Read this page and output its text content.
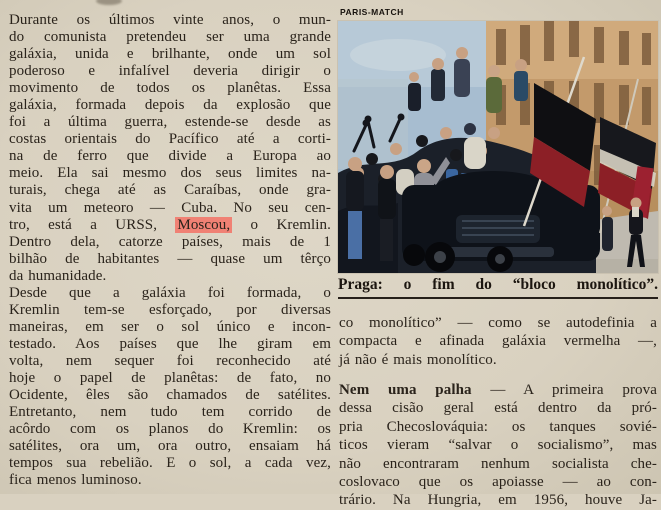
Durante os últimos vinte anos, o mun-
do comunista pretendeu ser uma grande
galáxia, unida e brilhante, onde um sol
poderoso e infalível deveria dirigir o
movimento de todos os planêtas. Essa
galáxia, formada depois da explosão que
foi a última guerra, estende-se desde as
costas orientais do Pacífico até a corti-
na de ferro que divide a Europa ao
meio. Ela sai mesmo dos seus limites na-
turais, chega até as Caraíbas, onde gra-
vita um meteoro — Cuba. No seu cen-
tro, está a URSS, Moscou, o Kremlin.
Dentro dela, catorze países, mais de 1
bilhão de habitantes — quase um têrço
da humanidade.
Desde que a galáxia foi formada, o
Kremlin tem-se esforçado, por diversas
maneiras, em ser o sol único e incon-
testado. Aos países que lhe giram em
volta, nem sequer foi reconhecido até
hoje o papel de planêtas: de fato, no
Ocidente, êles são chamados de satélites.
Entretanto, nem tudo tem corrido de
acôrdo com os planos do Kremlin: os
satélites, ora um, ora outro, ensaiam há
tempos sua rebelião. E o sol, a cada vez,
fica menos luminoso.
PARIS-MATCH
Praga: o fim do “bloco monolítico”.
co monolítico” — como se autodefinia a
compacta e afinada galáxia vermelha —,
já não é mais monolítico.
Nem uma palha — A primeira prova
dessa cisão geral está dentro da pró-
pria Checoslováquia: os tanques sovié-
ticos vieram “salvar o socialismo”, mas
não encontraram nenhum socialista che-
coslovaco que os apoiasse — ao con-
trário. Na Hungria, em 1956, houve Ja-
